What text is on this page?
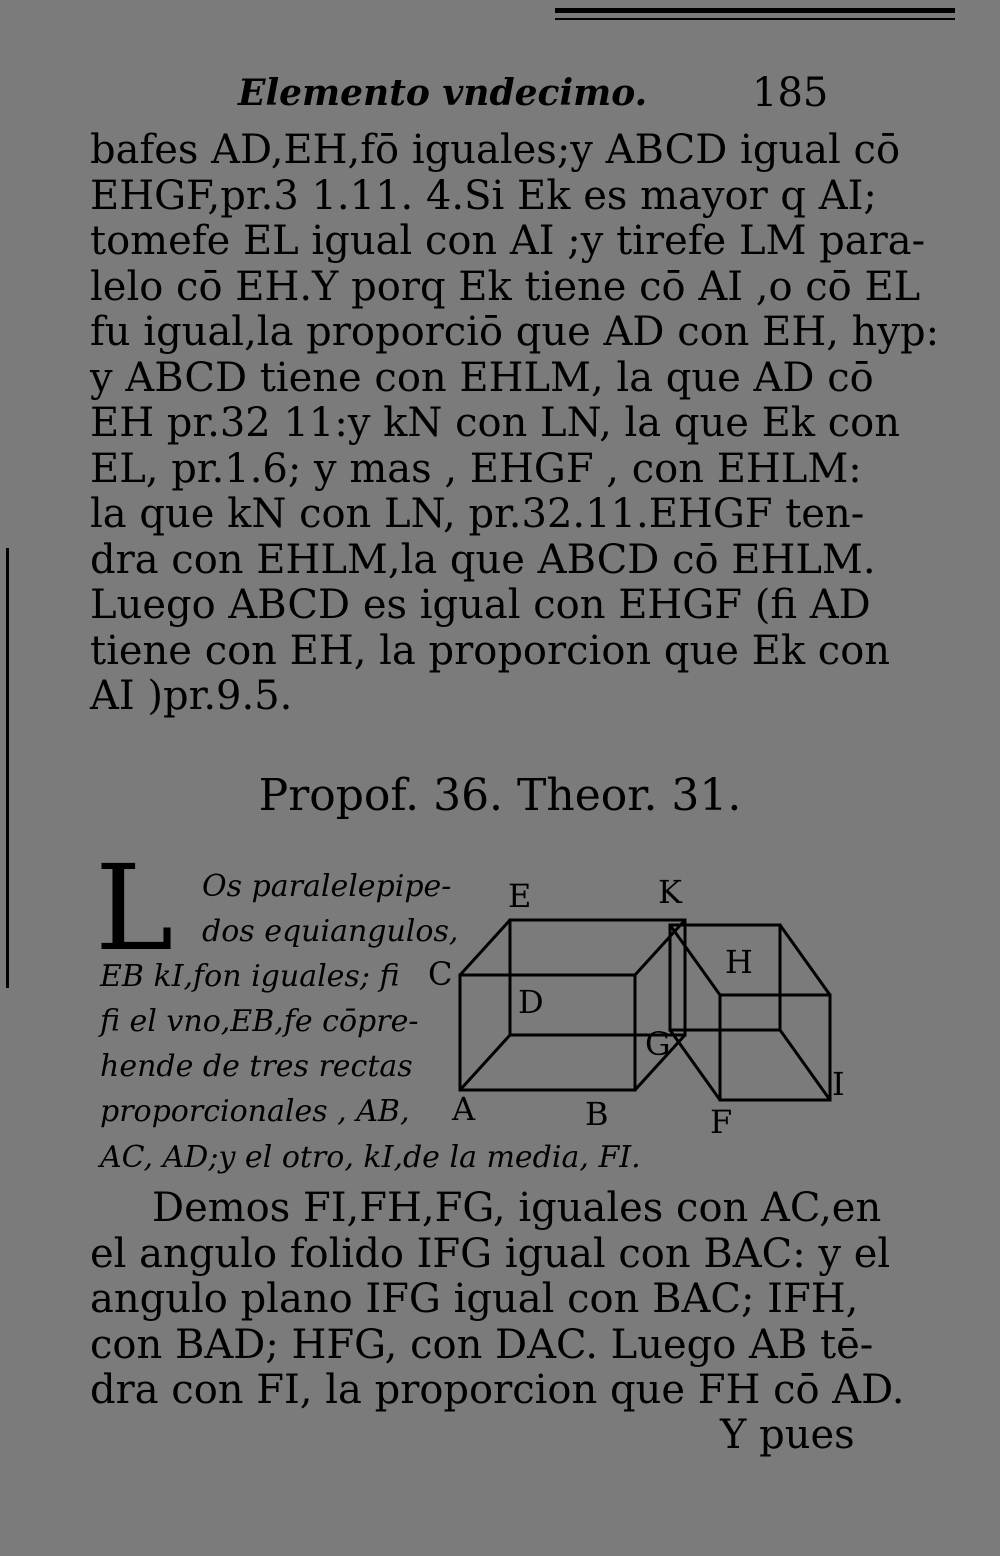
Elemento vndecimo.	185
bafes AD,EH,fō iguales;y ABCD igual cō
EHGF,pr.3 1.11. 4.Si Ek es mayor q AI;
tomefe EL igual con AI ;y tirefe LM para-
lelo cō EH.Y porq Ek tiene cō AI ,o cō EL
fu igual,la proporciō que AD con EH, hyp:
y ABCD tiene con EHLM, la que AD cō
EH pr.32 11:y kN con LN, la que Ek con
EL, pr.1.6; y mas , EHGF , con EHLM:
la que kN con LN, pr.32.11.EHGF ten-
dra con EHLM,la que ABCD cō EHLM.
Luego ABCD es igual con EHGF (fi AD
tiene con EH, la proporcion que Ek con
AI )pr.9.5.
Propof. 36. Theor. 31.
L Os paralelepipe-
dos equiangulos,
EB kI,fon iguales; fi
fi el vno,EB,fe cōpre-
hende de tres rectas
proporcionales , AB,
AC, AD;y el otro, kI,de la media, FI.
E	K
C
D
H
G
A	B	F
I
Demos FI,FH,FG, iguales con AC,en
el angulo folido IFG igual con BAC: y el
angulo plano IFG igual con BAC; IFH,
con BAD; HFG, con DAC. Luego AB tē-
dra con FI, la proporcion que FH cō AD.
Y pues
